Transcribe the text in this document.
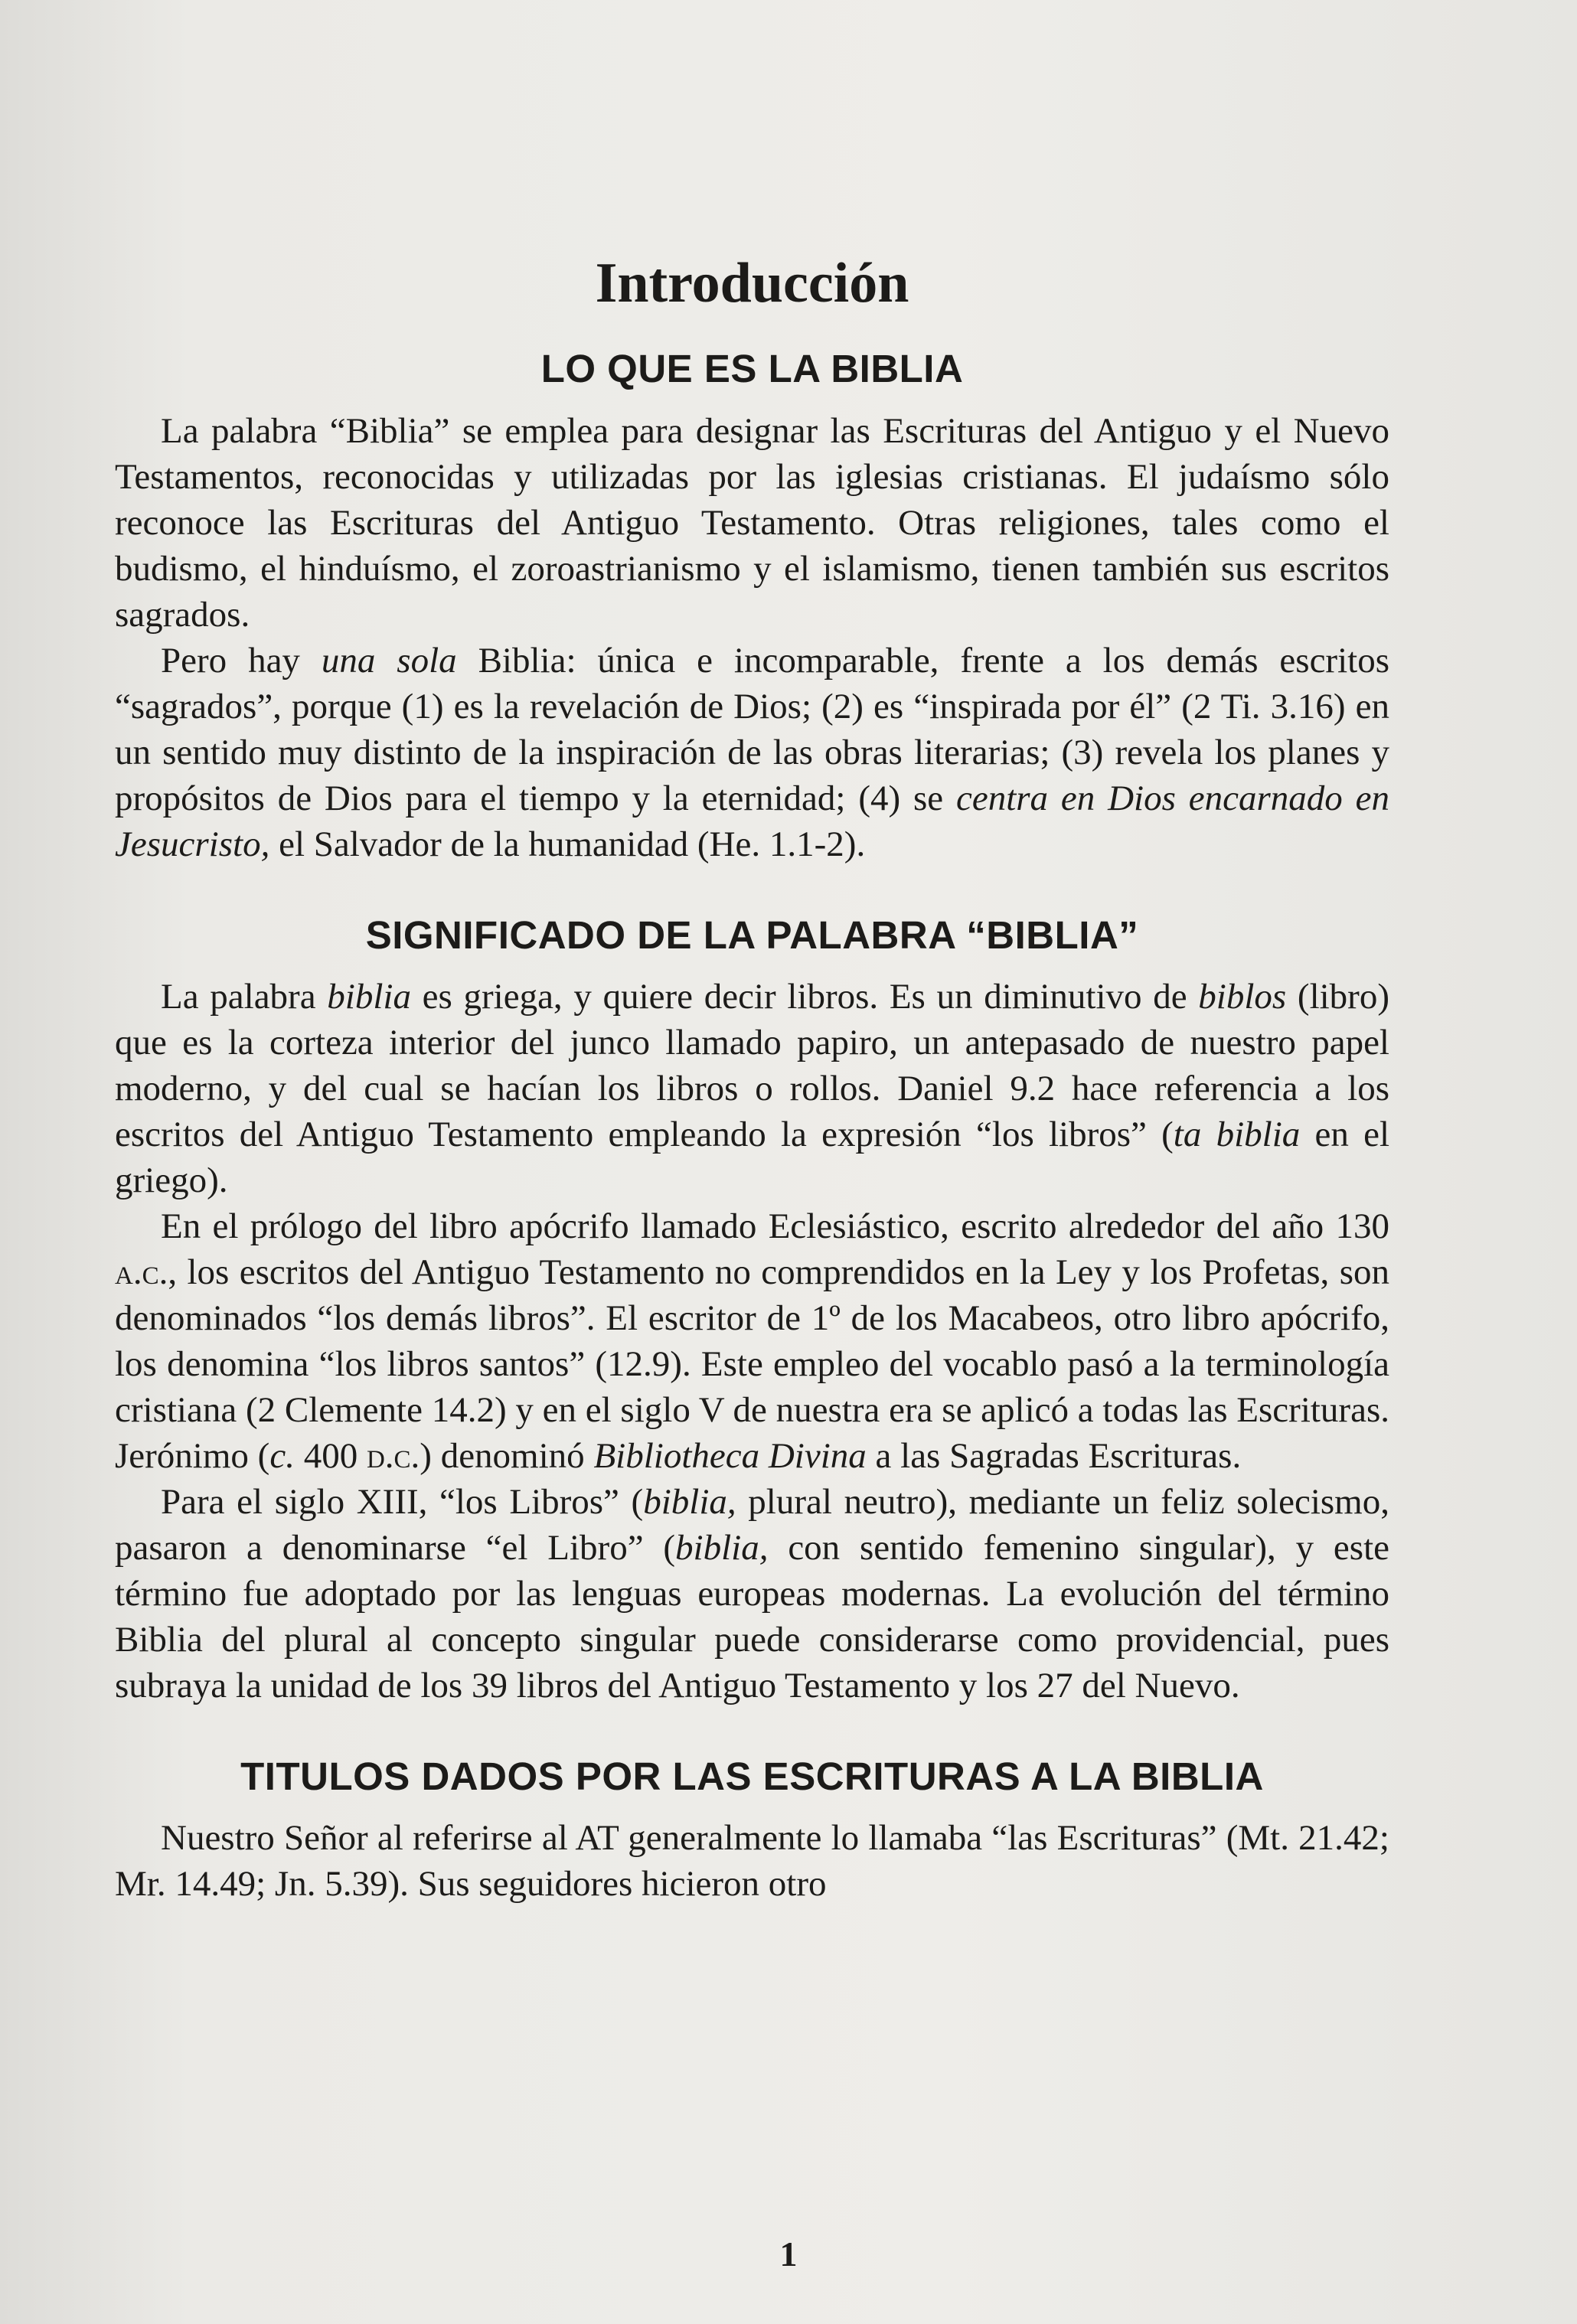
Introducción
LO QUE ES LA BIBLIA

La palabra “Biblia” se emplea para designar las Escrituras del Antiguo y el Nuevo Testamentos, reconocidas y utilizadas por las iglesias cristianas. El judaísmo sólo reconoce las Escrituras del Antiguo Testamento. Otras religiones, tales como el budismo, el hinduísmo, el zoroastrianismo y el islamismo, tienen también sus escritos sagrados.

Pero hay una sola Biblia: única e incomparable, frente a los demás escritos “sagrados”, porque (1) es la revelación de Dios; (2) es “inspirada por él” (2 Ti. 3.16) en un sentido muy distinto de la inspiración de las obras literarias; (3) revela los planes y propósitos de Dios para el tiempo y la eternidad; (4) se centra en Dios encarnado en Jesucristo, el Salvador de la humanidad (He. 1.1-2).

SIGNIFICADO DE LA PALABRA “BIBLIA”

La palabra biblia es griega, y quiere decir libros. Es un diminutivo de biblos (libro) que es la corteza interior del junco llamado papiro, un antepasado de nuestro papel moderno, y del cual se hacían los libros o rollos. Daniel 9.2 hace referencia a los escritos del Antiguo Testamento empleando la expresión “los libros” (ta biblia en el griego).

En el prólogo del libro apócrifo llamado Eclesiástico, escrito alrededor del año 130 a.c., los escritos del Antiguo Testamento no comprendidos en la Ley y los Profetas, son denominados “los demás libros”. El escritor de 1º de los Macabeos, otro libro apócrifo, los denomina “los libros santos” (12.9). Este empleo del vocablo pasó a la terminología cristiana (2 Clemente 14.2) y en el siglo V de nuestra era se aplicó a todas las Escrituras. Jerónimo (c. 400 d.c.) denominó Bibliotheca Divina a las Sagradas Escrituras.

Para el siglo XIII, “los Libros” (biblia, plural neutro), mediante un feliz solecismo, pasaron a denominarse “el Libro” (biblia, con sentido femenino singular), y este término fue adoptado por las lenguas europeas modernas. La evolución del término Biblia del plural al concepto singular puede considerarse como providencial, pues subraya la unidad de los 39 libros del Antiguo Testamento y los 27 del Nuevo.

TITULOS DADOS POR LAS ESCRITURAS A LA BIBLIA

Nuestro Señor al referirse al AT generalmente lo llamaba “las Escrituras” (Mt. 21.42; Mr. 14.49; Jn. 5.39). Sus seguidores hicieron otro

1
